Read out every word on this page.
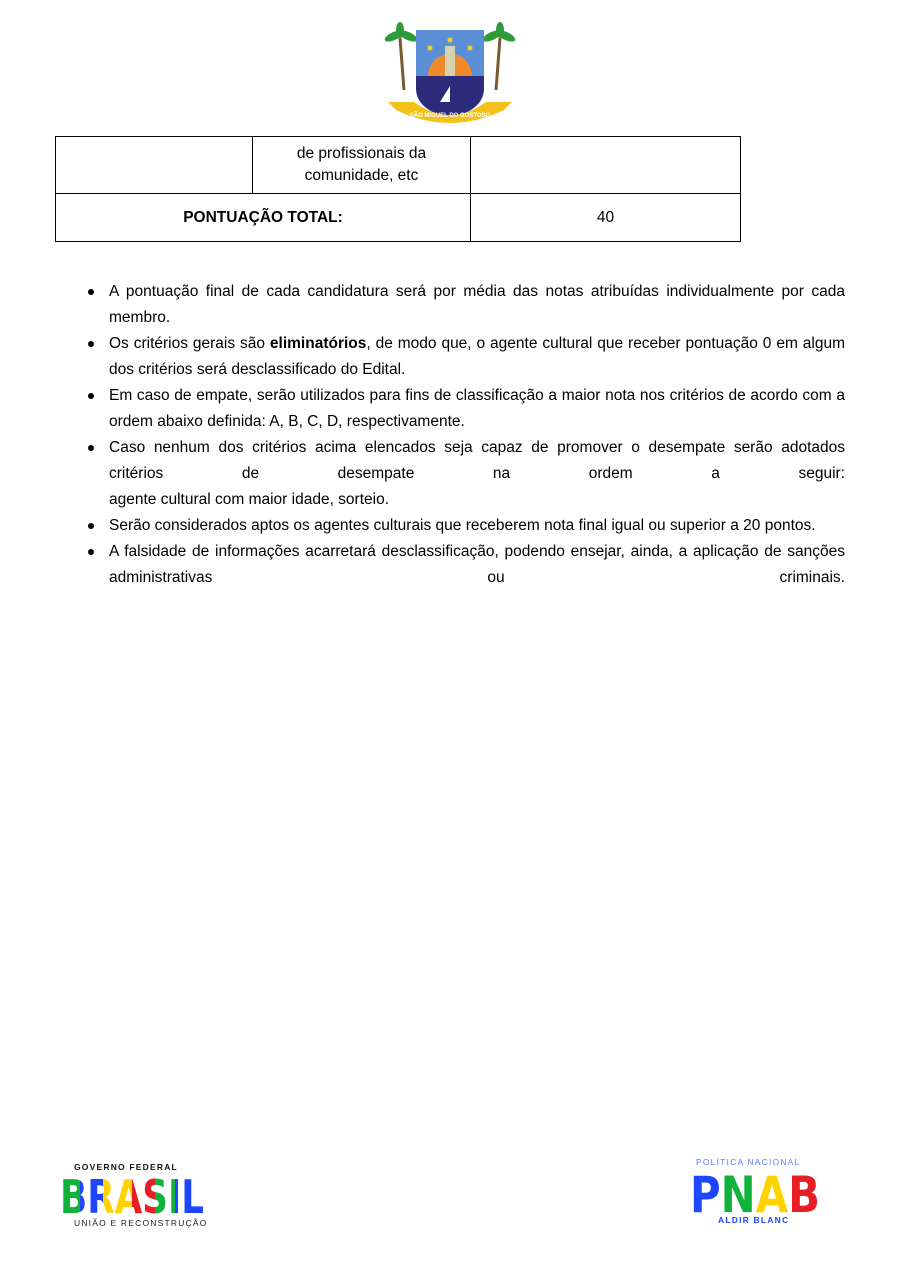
SÃO MIGUEL DO GOSTOSO
	de profissionais da
comunidade, etc	
PONTUAÇÃO TOTAL:		40
A pontuação final de cada candidatura será por média das notas atribuídas individualmente por cada membro.
Os critérios gerais são eliminatórios, de modo que, o agente cultural que receber pontuação 0 em algum dos critérios será desclassificado do Edital.
Em caso de empate, serão utilizados para fins de classificação a maior nota nos critérios de acordo com a ordem abaixo definida: A, B, C, D, respectivamente.
Caso nenhum dos critérios acima elencados seja capaz de promover o desempate serão adotados
critérios de desempate na ordem a seguir:
agente cultural com maior idade, sorteio.
Serão considerados aptos os agentes culturais que receberem nota final igual ou superior a 20 pontos.
A falsidade de informações acarretará desclassificação, podendo ensejar, ainda, a aplicação de sanções administrativas ou criminais.
GOVERNO FEDERAL
BRASIL
UNIÃO E RECONSTRUÇÃO
POLÍTICA NACIONAL
PNAB
ALDIR BLANC
